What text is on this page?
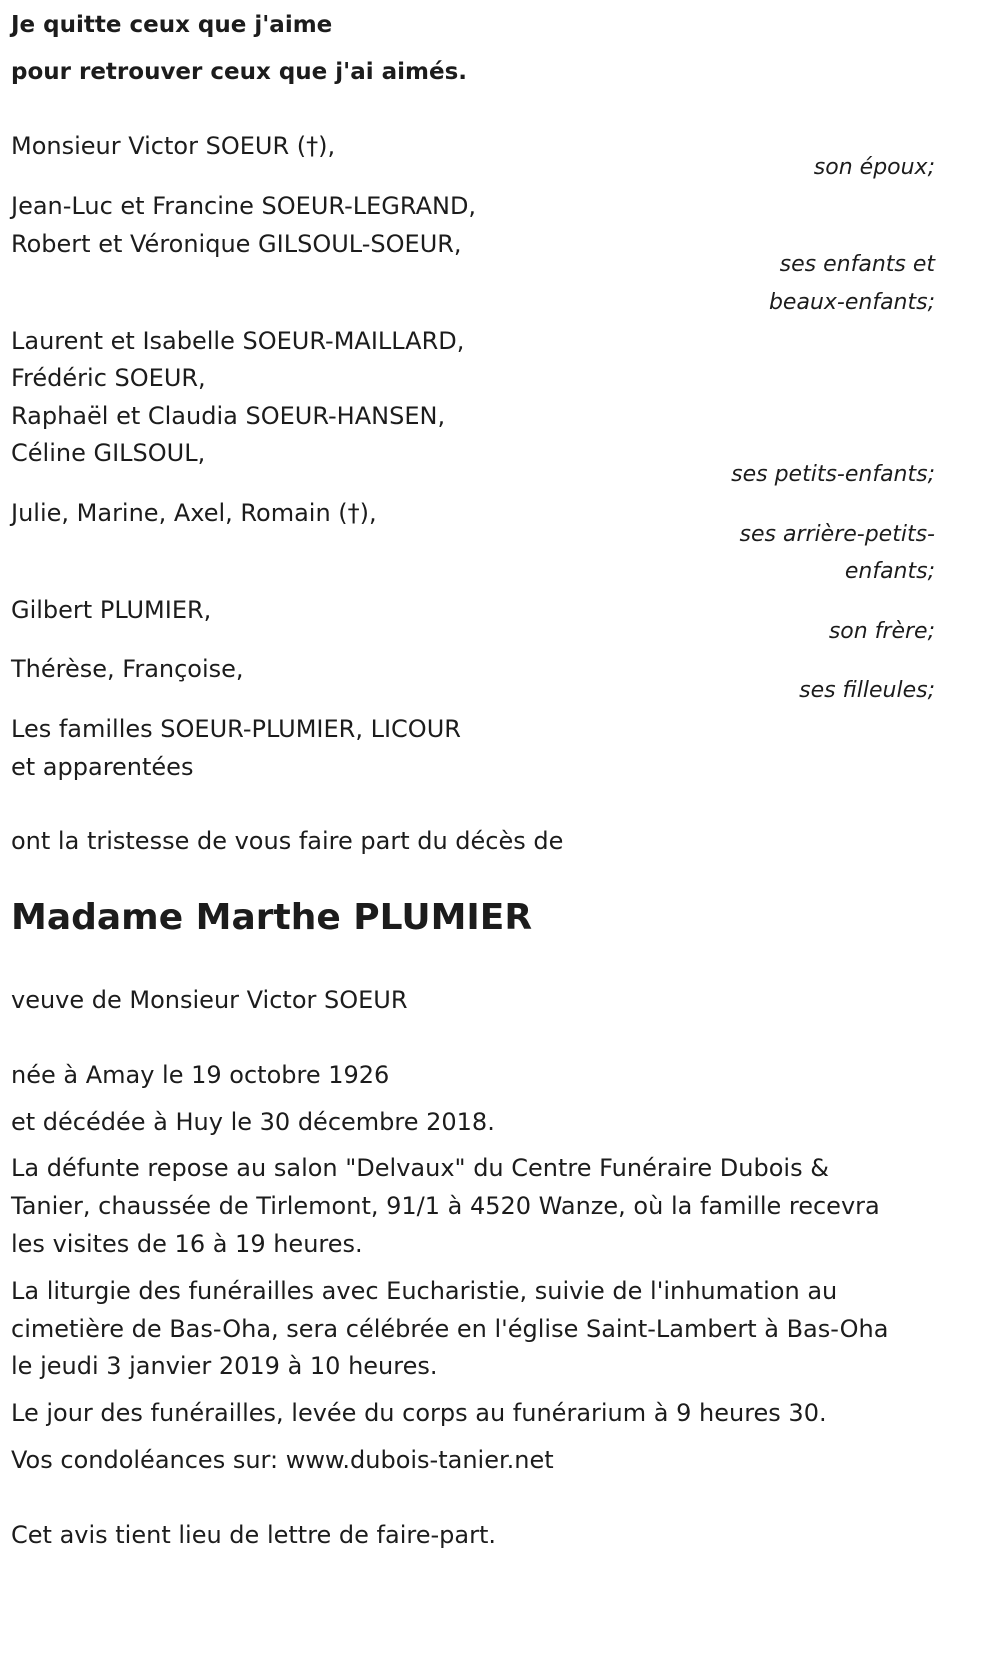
Je quitte ceux que j'aime
pour retrouver ceux que j'ai aimés.
Monsieur Victor SOEUR (†),
son époux;
Jean-Luc et Francine SOEUR-LEGRAND,
Robert et Véronique GILSOUL-SOEUR,
ses enfants et
beaux-enfants;
Laurent et Isabelle SOEUR-MAILLARD,
Frédéric SOEUR,
Raphaël et Claudia SOEUR-HANSEN,
Céline GILSOUL,
ses petits-enfants;
Julie, Marine, Axel, Romain (†),
ses arrière-petits-
enfants;
Gilbert PLUMIER,
son frère;
Thérèse, Françoise,
ses filleules;
Les familles SOEUR-PLUMIER, LICOUR
et apparentées
ont la tristesse de vous faire part du décès de
Madame Marthe PLUMIER
veuve de Monsieur Victor SOEUR
née à Amay le 19 octobre 1926
et décédée à Huy le 30 décembre 2018.
La défunte repose au salon "Delvaux" du Centre Funéraire Dubois &
Tanier, chaussée de Tirlemont, 91/1 à 4520 Wanze, où la famille recevra
les visites de 16 à 19 heures.
La liturgie des funérailles avec Eucharistie, suivie de l'inhumation au
cimetière de Bas-Oha, sera célébrée en l'église Saint-Lambert à Bas-Oha
le jeudi 3 janvier 2019 à 10 heures.
Le jour des funérailles, levée du corps au funérarium à 9 heures 30.
Vos condoléances sur: www.dubois-tanier.net
Cet avis tient lieu de lettre de faire-part.
